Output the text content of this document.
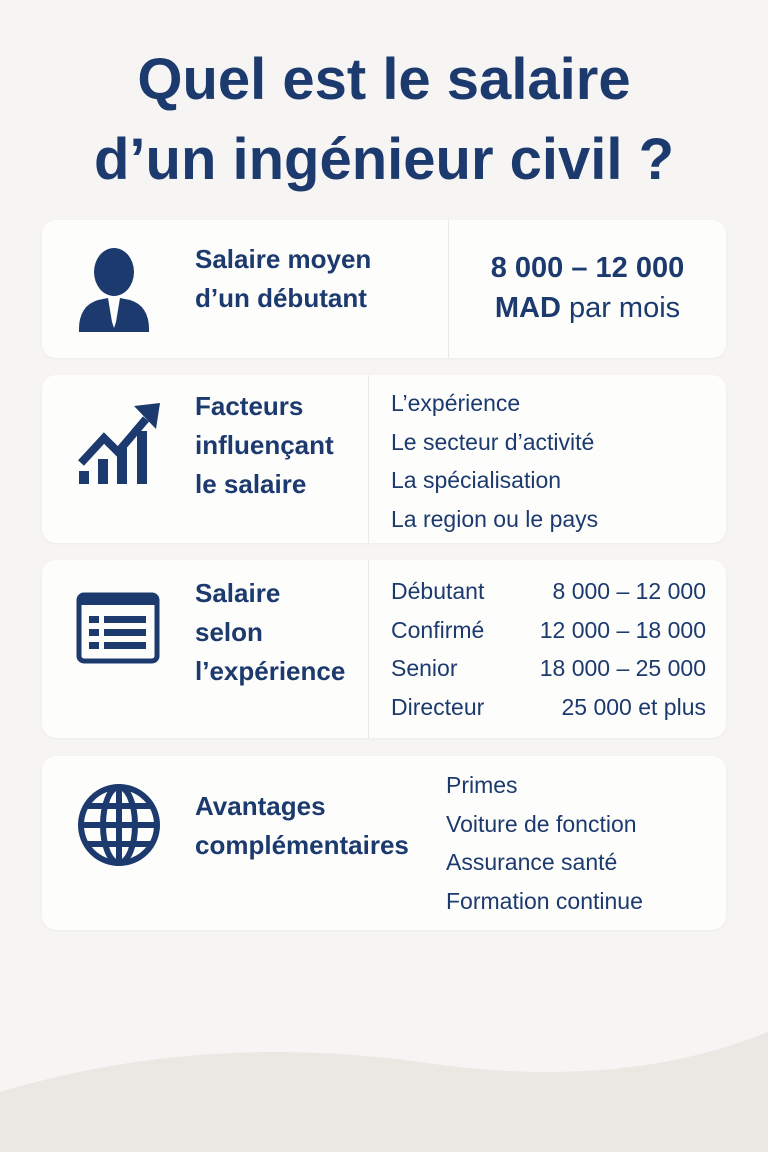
Quel est le salaire
d’un ingénieur civil ?
Salaire moyen
d’un débutant
8 000 – 12 000
MAD par mois
Facteurs
influençant
le salaire
L’expérience
Le secteur d’activité
La spécialisation
La region ou le pays
Salaire
selon
l’expérience
Débutant	8 000 – 12 000
Confirmé 12 000 – 18 000
Senior	18 000 – 25 000
Directeur	25 000 et plus
Avantages
complémentaires
Primes
Voiture de fonction
Assurance santé
Formation continue
